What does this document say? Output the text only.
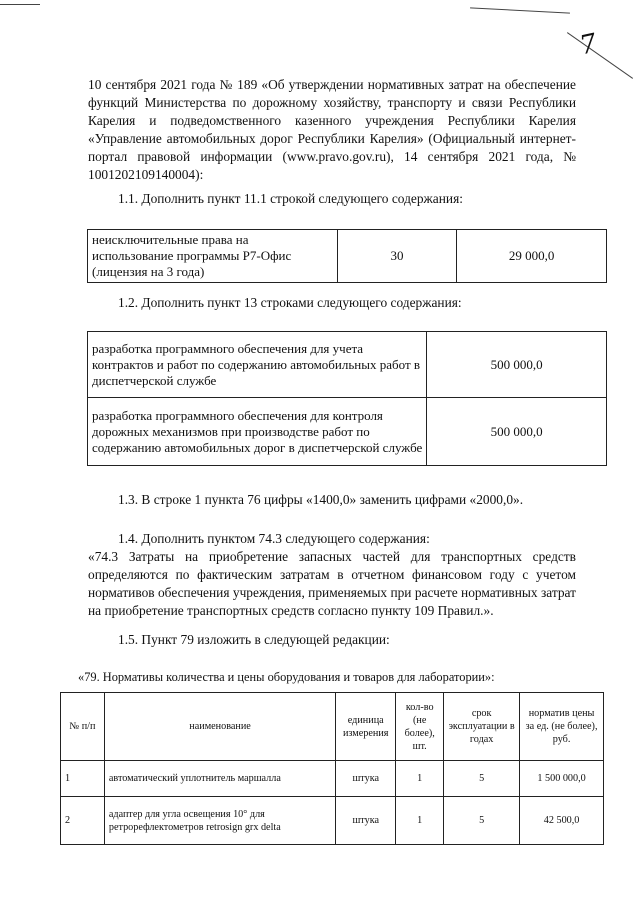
7
10 сентября 2021 года № 189 «Об утверждении нормативных затрат на обеспечение функций Министерства по дорожному хозяйству, транспорту и связи Республики Карелия и подведомственного казенного учреждения Республики Карелия «Управление автомобильных дорог Республики Карелия» (Официальный интернет-портал правовой информации (www.pravo.gov.ru), 14 сентября 2021 года, № 1001202109140004):
1.1. Дополнить пункт 11.1 строкой следующего содержания:
неисключительные права на использование программы Р7-Офис (лицензия на 3 года)	30	29 000,0
1.2. Дополнить пункт 13 строками следующего содержания:
разработка программного обеспечения для учета контрактов и работ по содержанию автомобильных работ в диспетчерской службе	500 000,0
разработка программного обеспечения для контроля дорожных механизмов при производстве работ по содержанию автомобильных дорог в диспетчерской службе	500 000,0
1.3. В строке 1 пункта 76 цифры «1400,0» заменить цифрами «2000,0».
1.4. Дополнить пунктом 74.3 следующего содержания:
«74.3 Затраты на приобретение запасных частей для транспортных средств определяются по фактическим затратам в отчетном финансовом году с учетом нормативов обеспечения учреждения, применяемых при расчете нормативных затрат на приобретение транспортных средств согласно пункту 109 Правил.».
1.5. Пункт 79 изложить в следующей редакции:
«79. Нормативы количества и цены оборудования и товаров для лаборатории»:
№ п/п	наименование	единица измерения	кол-во (не более), шт.	срок эксплуатации в годах	норматив цены за ед. (не более), руб.
1	автоматический уплотнитель маршалла	штука	1	5	1 500 000,0
2	адаптер для угла освещения 10° для ретрорефлектометров retrosign grx delta	штука	1	5	42 500,0
